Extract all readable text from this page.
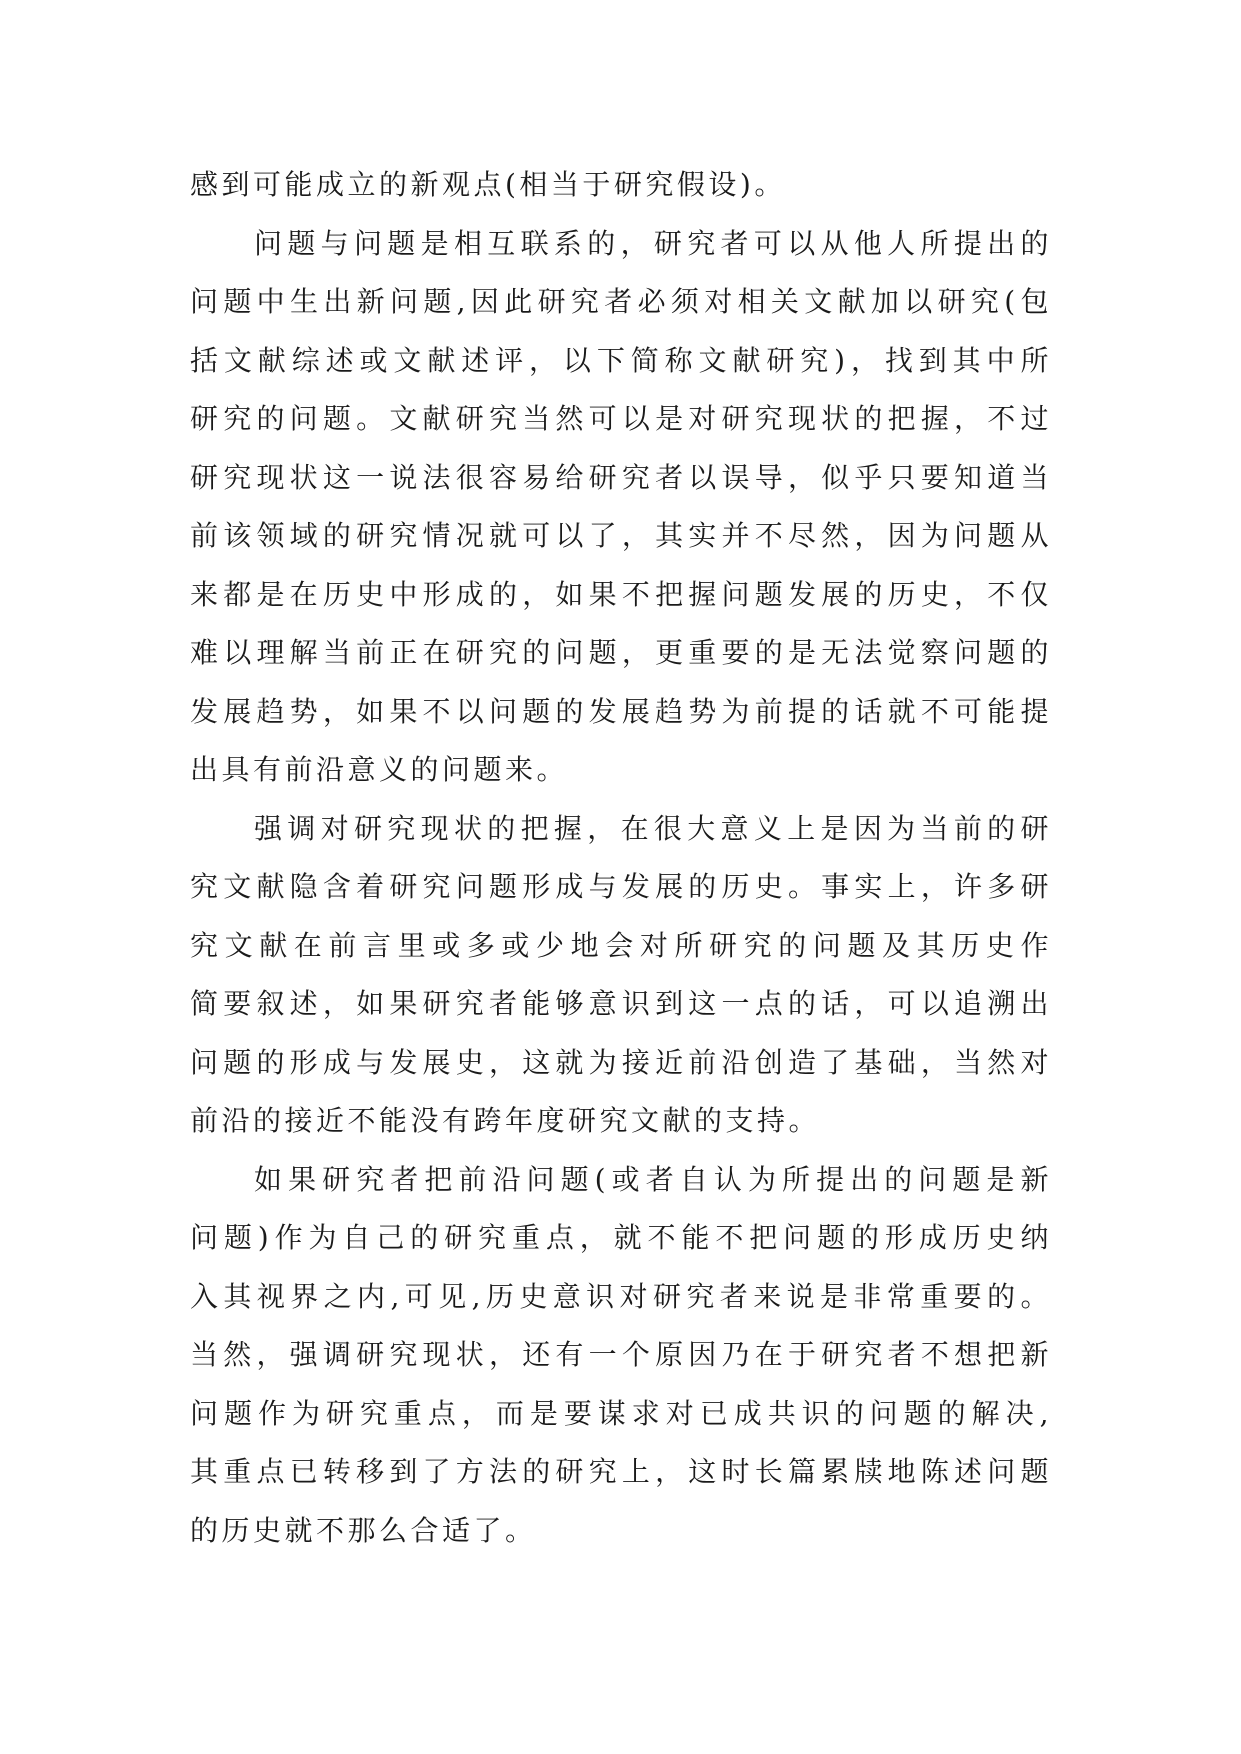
感到可能成立的新观点(相当于研究假设)。
问题与问题是相互联系的，研究者可以从他人所提出的
问题中生出新问题,因此研究者必须对相关文献加以研究(包
括文献综述或文献述评，以下简称文献研究)，找到其中所
研究的问题。文献研究当然可以是对研究现状的把握，不过
研究现状这一说法很容易给研究者以误导，似乎只要知道当
前该领域的研究情况就可以了，其实并不尽然，因为问题从
来都是在历史中形成的，如果不把握问题发展的历史，不仅
难以理解当前正在研究的问题，更重要的是无法觉察问题的
发展趋势，如果不以问题的发展趋势为前提的话就不可能提
出具有前沿意义的问题来。
强调对研究现状的把握，在很大意义上是因为当前的研
究文献隐含着研究问题形成与发展的历史。事实上，许多研
究文献在前言里或多或少地会对所研究的问题及其历史作
简要叙述，如果研究者能够意识到这一点的话，可以追溯出
问题的形成与发展史，这就为接近前沿创造了基础，当然对
前沿的接近不能没有跨年度研究文献的支持。
如果研究者把前沿问题(或者自认为所提出的问题是新
问题)作为自己的研究重点，就不能不把问题的形成历史纳
入其视界之内,可见,历史意识对研究者来说是非常重要的。
当然，强调研究现状，还有一个原因乃在于研究者不想把新
问题作为研究重点，而是要谋求对已成共识的问题的解决,
其重点已转移到了方法的研究上，这时长篇累牍地陈述问题
的历史就不那么合适了。
